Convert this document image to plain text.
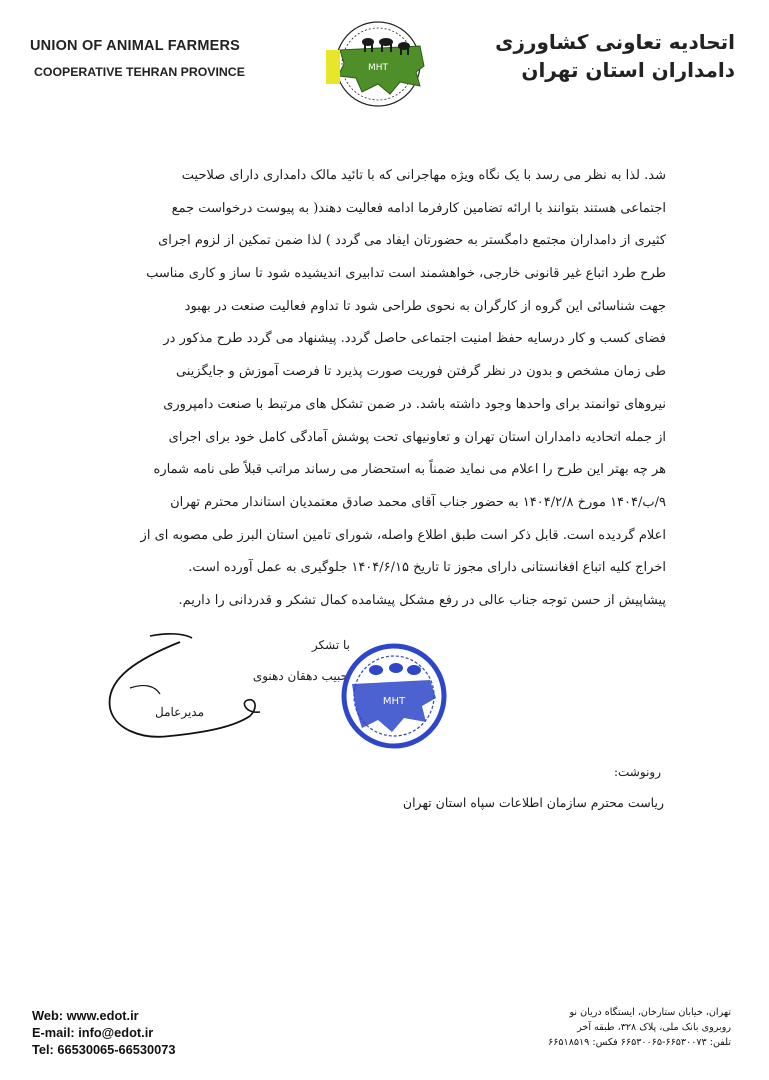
UNION OF ANIMAL FARMERS
COOPERATIVE TEHRAN PROVINCE	MHT
اتحادیه تعاونی کشاورزی
دامداران استان تهران
شد. لذا به نظر می رسد با یک نگاه ویژه مهاجرانی که با تائید مالک دامداری دارای صلاحیت
اجتماعی هستند بتوانند با ارائه تضامین کارفرما ادامه فعالیت دهند( به پیوست درخواست جمع
کثیری از دامداران مجتمع دامگستر به حضورتان ایفاد می گردد ) لذا ضمن تمکین از لزوم اجرای
طرح طرد اتباع غیر قانونی خارجی، خواهشمند است تدابیری اندیشیده شود تا ساز و کاری مناسب
جهت شناسائی این گروه از کارگران به نحوی طراحی شود تا تداوم فعالیت صنعت در بهبود
فضای کسب و کار درسایه حفظ امنیت اجتماعی حاصل گردد. پیشنهاد می گردد طرح مذکور در
طی زمان مشخص و بدون در نظر گرفتن فوریت صورت پذیرد تا فرصت آموزش و جایگزینی
نیروهای توانمند برای واحدها وجود داشته باشد. در ضمن تشکل های مرتبط با صنعت دامپروری
از جمله اتحادیه دامداران استان تهران و تعاونیهای تحت پوشش آمادگی کامل خود برای اجرای
هر چه بهتر این طرح را اعلام می نماید ضمناً به استحضار می رساند مراتب قبلاً طی نامه شماره
۹/ب/۱۴۰۴ مورخ ۱۴۰۴/۲/۸ به حضور جناب آقای محمد صادق معتمدیان استاندار محترم تهران
اعلام گردیده است. قابل ذکر است طبق اطلاع واصله، شورای تامین استان البرز طی مصوبه ای از
اخراج کلیه اتباع افغانستانی دارای مجوز تا تاریخ ۱۴۰۴/۶/۱۵ جلوگیری به عمل آورده است.
پیشاپیش از حسن توجه جناب عالی در رفع مشکل پیشامده کمال تشکر و قدردانی را داریم.
با تشکر
حبیب دهقان دهنوی
مدیرعامل
MHT
رونوشت:
ریاست محترم سازمان اطلاعات سپاه استان تهران
Web: www.edot.ir
E-mail: info@edot.ir
Tel: 66530065-66530073
تهران، خیابان ستارخان، ایستگاه دریان نو
روبروی بانک ملی، پلاک ۳۲۸، طبقه آخر
تلفن: ۶۶۵۳۰۰۷۳-۶۶۵۳۰۰۶۵ فکس: ۶۶۵۱۸۵۱۹
